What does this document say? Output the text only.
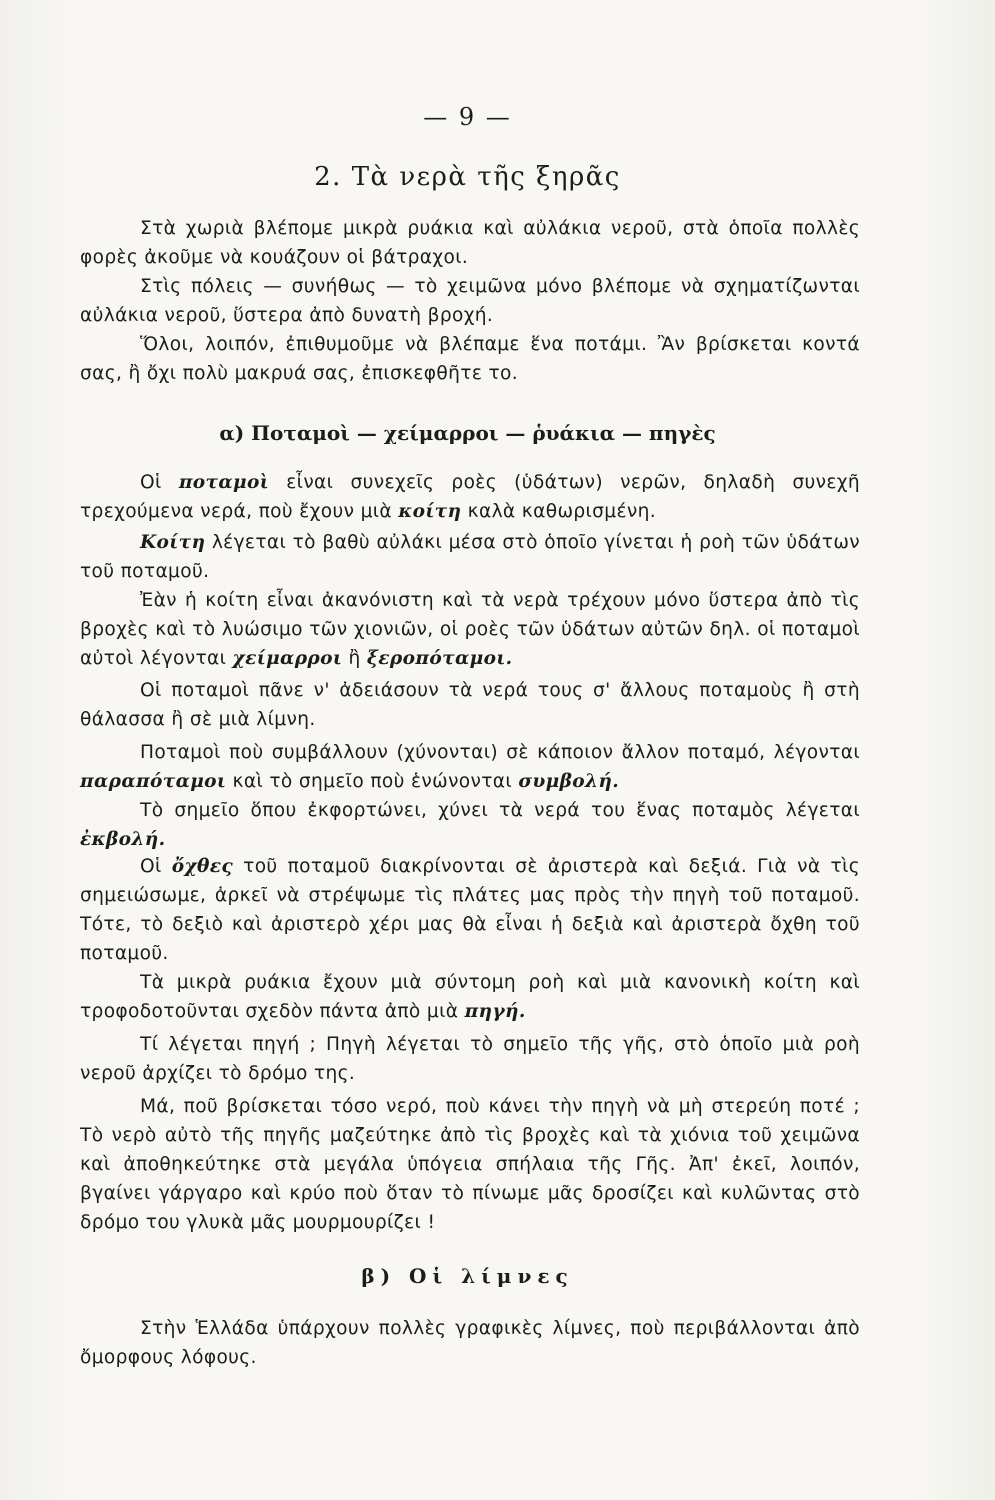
— 9 —
2. Τὰ νερὰ τῆς ξηρᾶς

Στὰ χωριὰ βλέπομε μικρὰ ρυάκια καὶ αὐλάκια νεροῦ, στὰ ὁποῖα πολλὲς φορὲς ἀκοῦμε νὰ κουάζουν οἱ βάτραχοι.

Στὶς πόλεις — συνήθως — τὸ χειμῶνα μόνο βλέπομε νὰ σχηματίζωνται αὐλάκια νεροῦ, ὕστερα ἀπὸ δυνατὴ βροχή.

Ὅλοι, λοιπόν, ἐπιθυμοῦμε νὰ βλέπαμε ἕνα ποτάμι. Ἂν βρίσκεται κοντά σας, ἢ ὄχι πολὺ μακρυά σας, ἐπισκεφθῆτε το.

α) Ποταμοὶ — χείμαρροι — ῥυάκια — πηγὲς

Οἱ ποταμοὶ εἶναι συνεχεῖς ροὲς (ὑδάτων) νερῶν, δηλαδὴ συνεχῆ τρεχούμενα νερά, ποὺ ἔχουν μιὰ κοίτη καλὰ καθωρισμένη.

Κοίτη λέγεται τὸ βαθὺ αὐλάκι μέσα στὸ ὁποῖο γίνεται ἡ ροὴ τῶν ὑδάτων τοῦ ποταμοῦ.

Ἐὰν ἡ κοίτη εἶναι ἀκανόνιστη καὶ τὰ νερὰ τρέχουν μόνο ὕστερα ἀπὸ τὶς βροχὲς καὶ τὸ λυώσιμο τῶν χιονιῶν, οἱ ροὲς τῶν ὑδάτων αὐτῶν δηλ. οἱ ποταμοὶ αὐτοὶ λέγονται χείμαρροι ἢ ξεροπόταμοι.

Οἱ ποταμοὶ πᾶνε ν' ἀδειάσουν τὰ νερά τους σ' ἄλλους ποταμοὺς ἢ στὴ θάλασσα ἢ σὲ μιὰ λίμνη.

Ποταμοὶ ποὺ συμβάλλουν (χύνονται) σὲ κάποιον ἄλλον ποταμό, λέγονται παραπόταμοι καὶ τὸ σημεῖο ποὺ ἑνώνονται συμβολή.

Τὸ σημεῖο ὅπου ἐκφορτώνει, χύνει τὰ νερά του ἕνας ποταμὸς λέγεται ἐκβολή.

Οἱ ὄχθες τοῦ ποταμοῦ διακρίνονται σὲ ἀριστερὰ καὶ δεξιά. Γιὰ νὰ τὶς σημειώσωμε, ἀρκεῖ νὰ στρέψωμε τὶς πλάτες μας πρὸς τὴν πηγὴ τοῦ ποταμοῦ. Τότε, τὸ δεξιὸ καὶ ἀριστερὸ χέρι μας θὰ εἶναι ἡ δεξιὰ καὶ ἀριστερὰ ὄχθη τοῦ ποταμοῦ.

Τὰ μικρὰ ρυάκια ἔχουν μιὰ σύντομη ροὴ καὶ μιὰ κανονικὴ κοίτη καὶ τροφοδοτοῦνται σχεδὸν πάντα ἀπὸ μιὰ πηγή.

Τί λέγεται πηγή ; Πηγὴ λέγεται τὸ σημεῖο τῆς γῆς, στὸ ὁποῖο μιὰ ροὴ νεροῦ ἀρχίζει τὸ δρόμο της.

Μά, ποῦ βρίσκεται τόσο νερό, ποὺ κάνει τὴν πηγὴ νὰ μὴ στερεύη ποτέ ; Τὸ νερὸ αὐτὸ τῆς πηγῆς μαζεύτηκε ἀπὸ τὶς βροχὲς καὶ τὰ χιόνια τοῦ χειμῶνα καὶ ἀποθηκεύτηκε στὰ μεγάλα ὑπόγεια σπήλαια τῆς Γῆς. Ἀπ' ἐκεῖ, λοιπόν, βγαίνει γάργαρο καὶ κρύο ποὺ ὅταν τὸ πίνωμε μᾶς δροσίζει καὶ κυλῶντας στὸ δρόμο του γλυκὰ μᾶς μουρμουρίζει !

β) Οἱ λίμνες

Στὴν Ἑλλάδα ὑπάρχουν πολλὲς γραφικὲς λίμνες, ποὺ περιβάλλονται ἀπὸ ὄμορφους λόφους.
